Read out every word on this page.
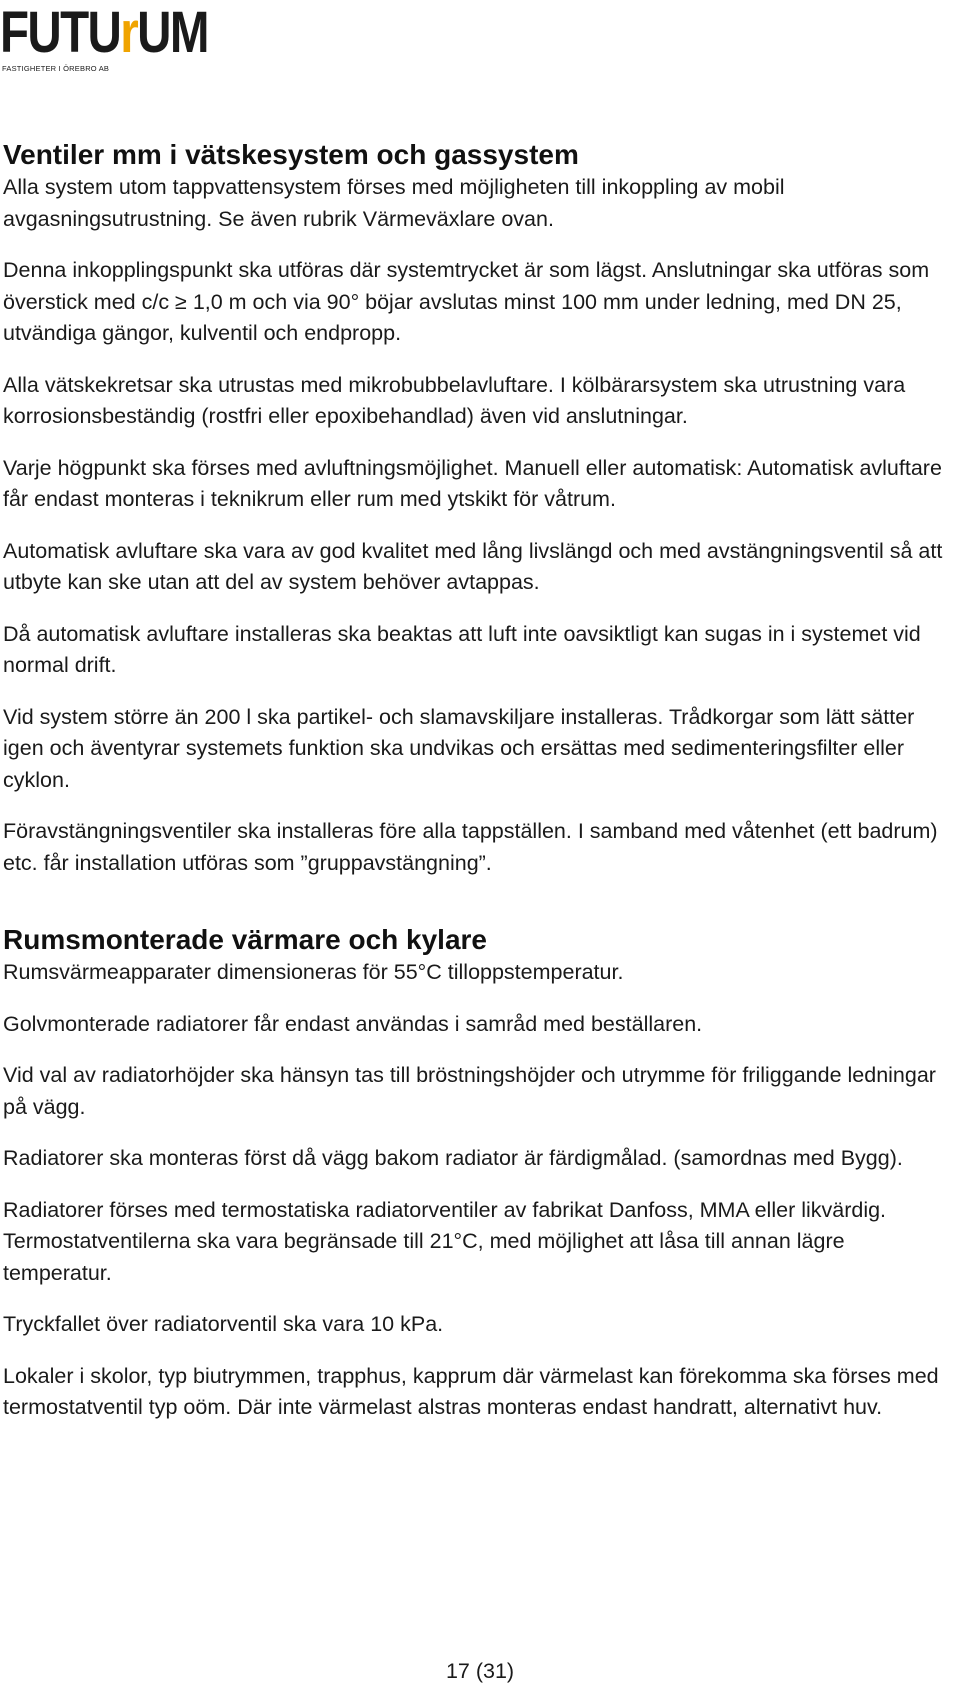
FUTUrUM
FASTIGHETER I ÖREBRO AB
Ventiler mm i vätskesystem och gassystem

Alla system utom tappvattensystem förses med möjligheten till inkoppling av mobil avgasningsutrustning. Se även rubrik Värmeväxlare ovan.

Denna inkopplingspunkt ska utföras där systemtrycket är som lägst. Anslutningar ska utföras som överstick med c/c ≥ 1,0 m och via 90° böjar avslutas minst 100 mm under ledning, med DN 25, utvändiga gängor, kulventil och endpropp.

Alla vätskekretsar ska utrustas med mikrobubbelavluftare. I kölbärarsystem ska utrustning vara korrosionsbeständig (rostfri eller epoxibehandlad) även vid anslutningar.

Varje högpunkt ska förses med avluftningsmöjlighet. Manuell eller automatisk: Automatisk avluftare får endast monteras i teknikrum eller rum med ytskikt för våtrum.

Automatisk avluftare ska vara av god kvalitet med lång livslängd och med avstängningsventil så att utbyte kan ske utan att del av system behöver avtappas.

Då automatisk avluftare installeras ska beaktas att luft inte oavsiktligt kan sugas in i systemet vid normal drift.

Vid system större än 200 l ska partikel- och slamavskiljare installeras. Trådkorgar som lätt sätter igen och äventyrar systemets funktion ska undvikas och ersättas med sedimenteringsfilter eller cyklon.

Föravstängningsventiler ska installeras före alla tappställen. I samband med våtenhet (ett badrum) etc. får installation utföras som ”gruppavstängning”.

Rumsmonterade värmare och kylare

Rumsvärmeapparater dimensioneras för 55°C tilloppstemperatur.

Golvmonterade radiatorer får endast användas i samråd med beställaren.

Vid val av radiatorhöjder ska hänsyn tas till bröstningshöjder och utrymme för friliggande ledningar på vägg.

Radiatorer ska monteras först då vägg bakom radiator är färdigmålad. (samordnas med Bygg).

Radiatorer förses med termostatiska radiatorventiler av fabrikat Danfoss, MMA eller likvärdig. Termostatventilerna ska vara begränsade till 21°C, med möjlighet att låsa till annan lägre temperatur.

Tryckfallet över radiatorventil ska vara 10 kPa.

Lokaler i skolor, typ biutrymmen, trapphus, kapprum där värmelast kan förekomma ska förses med termostatventil typ oöm. Där inte värmelast alstras monteras endast handratt, alternativt huv.

17 (31)
